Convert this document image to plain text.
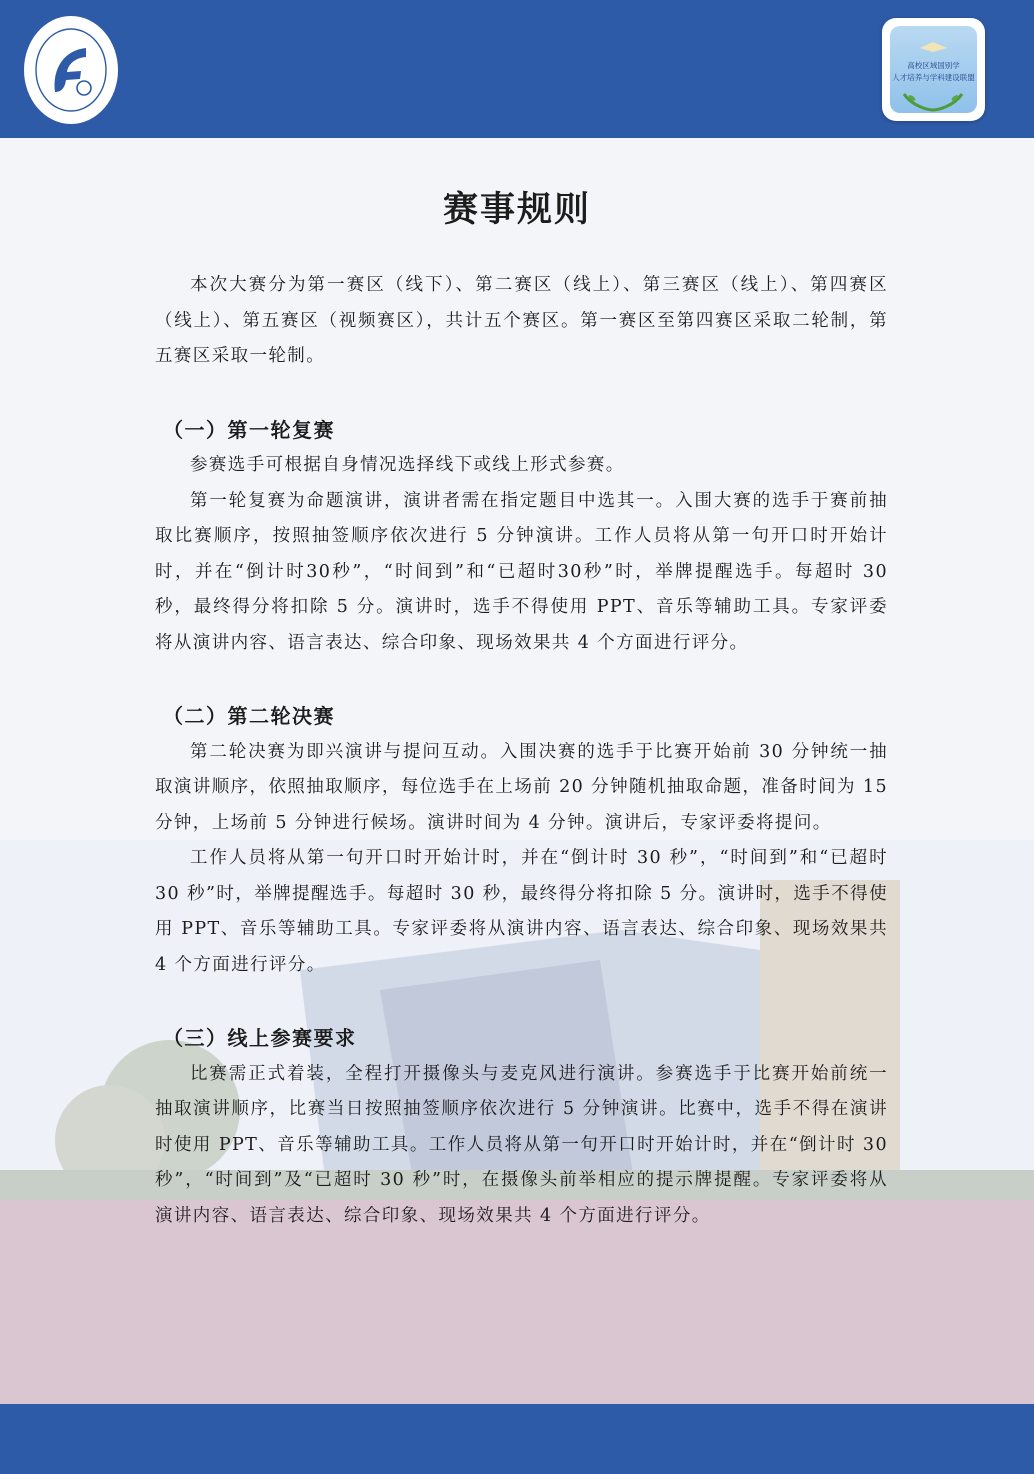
高校区域国别学
人才培养与学科建设联盟
赛事规则

本次大赛分为第一赛区（线下）、第二赛区（线上）、第三赛区（线上）、第四赛区（线上）、第五赛区（视频赛区），共计五个赛区。第一赛区至第四赛区采取二轮制，第五赛区采取一轮制。

（一）第一轮复赛

参赛选手可根据自身情况选择线下或线上形式参赛。

第一轮复赛为命题演讲，演讲者需在指定题目中选其一。入围大赛的选手于赛前抽取比赛顺序，按照抽签顺序依次进行 5 分钟演讲。工作人员将从第一句开口时开始计时，并在“倒计时30秒”，“时间到”和“已超时30秒”时，举牌提醒选手。每超时 30 秒，最终得分将扣除 5 分。演讲时，选手不得使用 PPT、音乐等辅助工具。专家评委将从演讲内容、语言表达、综合印象、现场效果共 4 个方面进行评分。

（二）第二轮决赛

第二轮决赛为即兴演讲与提问互动。入围决赛的选手于比赛开始前 30 分钟统一抽取演讲顺序，依照抽取顺序，每位选手在上场前 20 分钟随机抽取命题，准备时间为 15 分钟，上场前 5 分钟进行候场。演讲时间为 4 分钟。演讲后，专家评委将提问。

工作人员将从第一句开口时开始计时，并在“倒计时 30 秒”，“时间到”和“已超时 30 秒”时，举牌提醒选手。每超时 30 秒，最终得分将扣除 5 分。演讲时，选手不得使用 PPT、音乐等辅助工具。专家评委将从演讲内容、语言表达、综合印象、现场效果共 4 个方面进行评分。

（三）线上参赛要求

比赛需正式着装，全程打开摄像头与麦克风进行演讲。参赛选手于比赛开始前统一抽取演讲顺序，比赛当日按照抽签顺序依次进行 5 分钟演讲。比赛中，选手不得在演讲时使用 PPT、音乐等辅助工具。工作人员将从第一句开口时开始计时，并在“倒计时 30 秒”，“时间到”及“已超时 30 秒”时，在摄像头前举相应的提示牌提醒。专家评委将从演讲内容、语言表达、综合印象、现场效果共 4 个方面进行评分。
